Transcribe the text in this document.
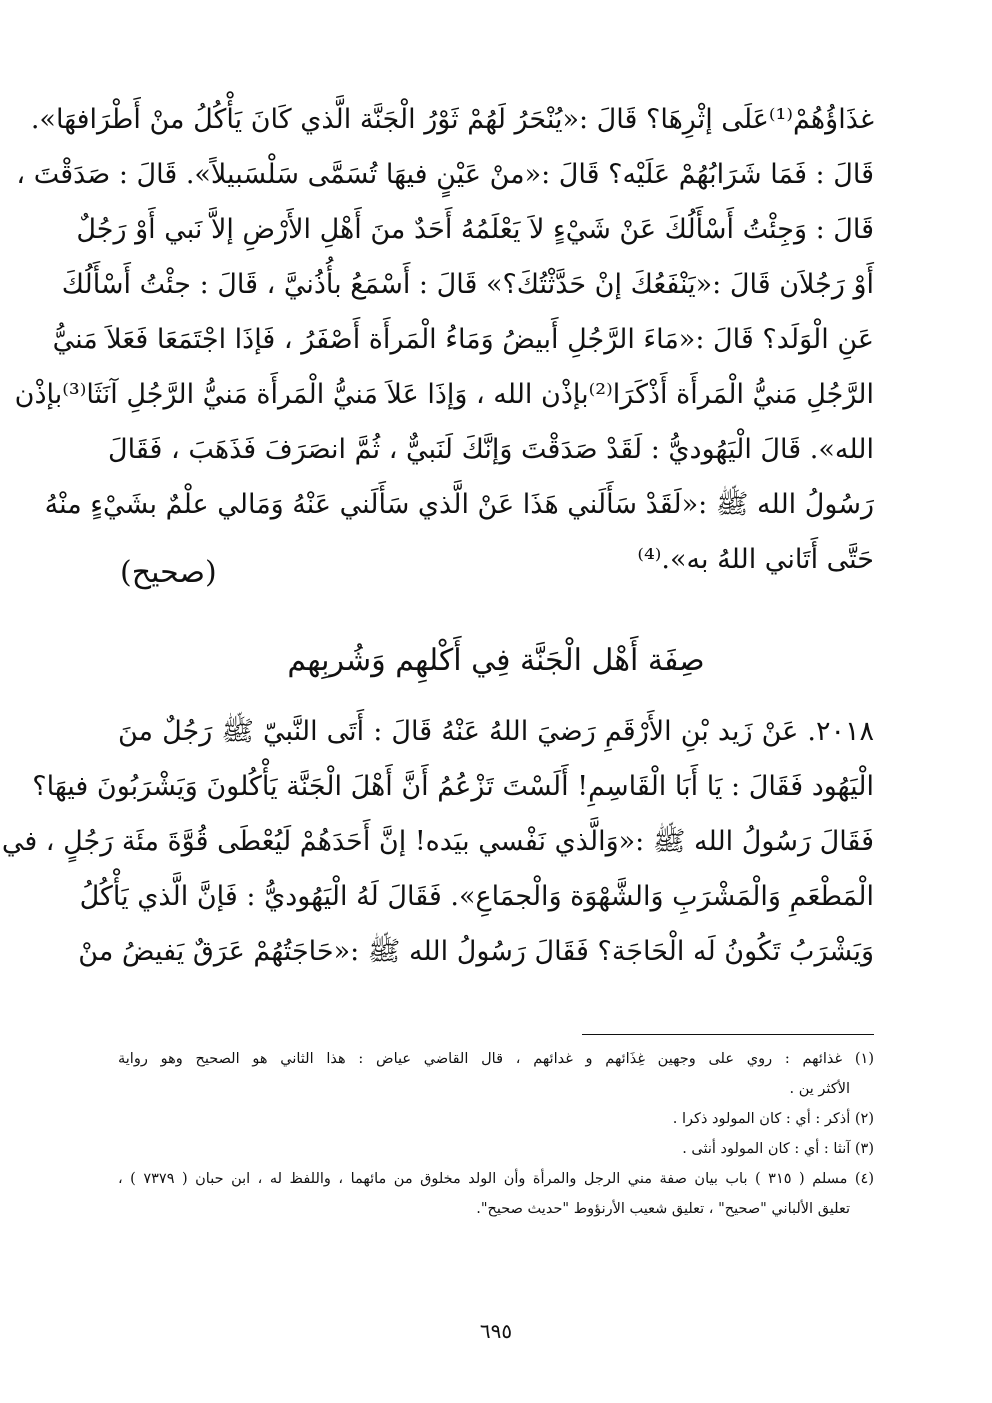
غذَاؤُهُمْ⁽¹⁾عَلَى إثْرِهَا؟ قَالَ :«يُنْحَرُ لَهُمْ ثَوْرُ الْجَنَّة الَّذي كَانَ يَأْكُلُ منْ أَطْرَافهَا».
قَالَ : فَمَا شَرَابُهُمْ عَلَيْه؟ قَالَ :«منْ عَيْنٍ فيهَا تُسَمَّى سَلْسَبيلاً». قَالَ : صَدَقْتَ ،
قَالَ : وَجِئْتُ أَسْأَلُكَ عَنْ شَيْءٍ لاَ يَعْلَمُهُ أَحَدٌ منَ أَهْلِ الأَرْضِ إلاَّ نَبي أَوْ رَجُلٌ
أَوْ رَجُلاَن قَالَ :«يَنْفَعُكَ إنْ حَدَّثْتُكَ؟» قَالَ : أَسْمَعُ بأُذُنيَّ ، قَالَ : جئْتُ أَسْأَلُكَ
عَنِ الْوَلَد؟ قَالَ :«مَاءَ الرَّجُلِ أَبيضُ وَمَاءُ الْمَرأَة أَصْفَرُ ، فَإذَا اجْتَمَعَا فَعَلاَ مَنيُّ
الرَّجُلِ مَنيُّ الْمَرأَة أَذْكَرَا⁽²⁾بإذْن الله ، وَإذَا عَلاَ مَنيُّ الْمَرأَة مَنيُّ الرَّجُلِ آنَثَا⁽³⁾بإذْن
الله». قَالَ الْيَهُوديُّ : لَقَدْ صَدَقْتَ وَإنَّكَ لَنَبيٌّ ، ثُمَّ انصَرَفَ فَذَهَبَ ، فَقَالَ
رَسُولُ الله ﷺ :«لَقَدْ سَأَلَني هَذَا عَنْ الَّذي سَأَلَني عَنْهُ وَمَالي علْمٌ بشَيْءٍ منْهُ
حَتَّى أَتَاني اللهُ به».⁽⁴⁾
(صحيح)
صِفَة أَهْل الْجَنَّة فِي أَكْلهِم وَشُربِهم
٢٠١٨. عَنْ زَيد بْنِ الأَرْقَمِ رَضيَ اللهُ عَنْهُ قَالَ : أَتَى النَّبيّ ﷺ رَجُلٌ منَ
الْيَهُود فَقَالَ : يَا أَبَا الْقَاسِمِ! أَلَسْتَ تَزْعُمُ أَنَّ أَهْلَ الْجَنَّة يَأْكُلونَ وَيَشْرَبُونَ فيهَا؟
فَقَالَ رَسُولُ الله ﷺ :«وَالَّذي نَفْسي بيَده! إنَّ أَحَدَهُمْ لَيُعْطَى قُوَّةَ مئَة رَجُلٍ ، في
الْمَطْعَمِ وَالْمَشْرَبِ وَالشَّهْوَة وَالْجمَاعِ». فَقَالَ لَهُ الْيَهُوديُّ : فَإنَّ الَّذي يَأْكُلُ
وَيَشْرَبُ تَكُونُ لَه الْحَاجَة؟ فَقَالَ رَسُولُ الله ﷺ :«حَاجَتُهُمْ عَرَقٌ يَفيضُ منْ
(١) غذائهم : روي على وجهين غِذَائهم و غدائهم ، قال القاضي عياض : هذا الثاني هو الصحيح وهو رواية
الأكثر ين .
(٢) أذكر : أي : كان المولود ذكرا .
(٣) آنثا : أي : كان المولود أنثى .
(٤) مسلم ( ٣١٥ ) باب بيان صفة مني الرجل والمرأة وأن الولد مخلوق من مائهما ، واللفظ له ، ابن حبان ( ٧٣٧٩ ) ،
تعليق الألباني "صحيح" ، تعليق شعيب الأرنؤوط "حديث صحيح".
٦٩٥
